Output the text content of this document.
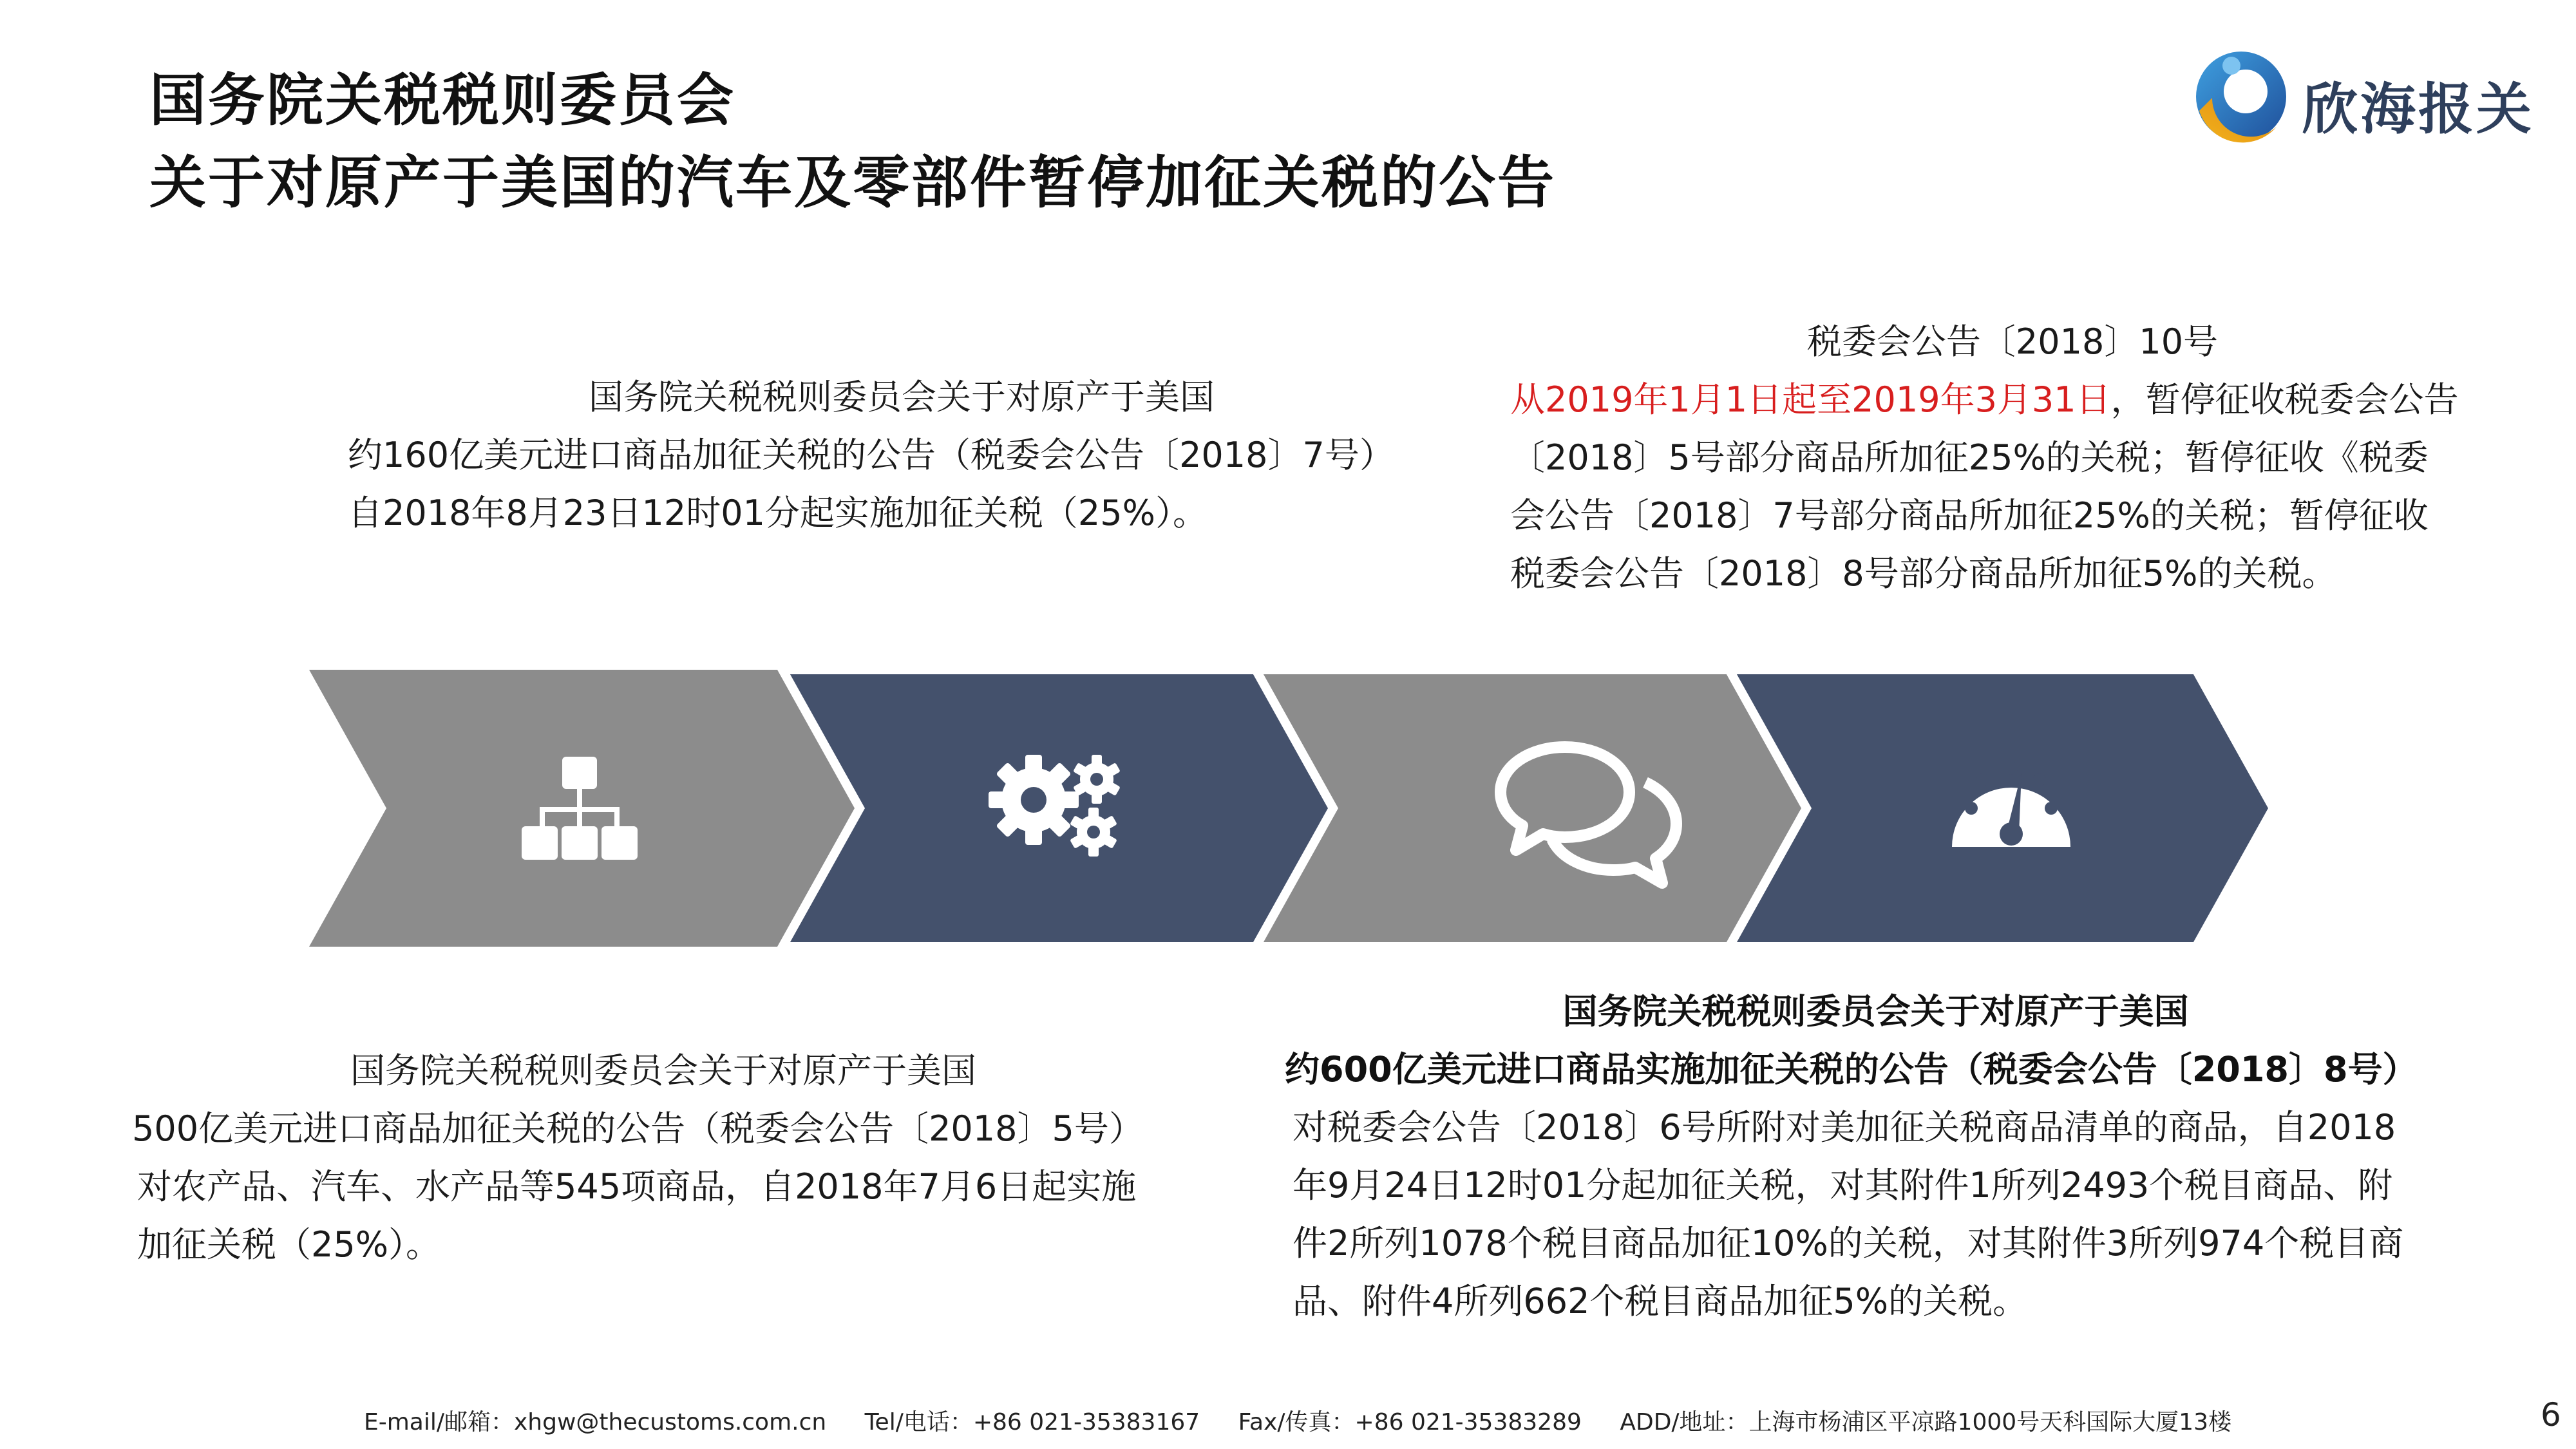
国务院关税税则委员会
关于对原产于美国的汽车及零部件暂停加征关税的公告
欣海报关
国务院关税税则委员会关于对原产于美国
约160亿美元进口商品加征关税的公告（税委会公告〔2018〕7号）
自2018年8月23日12时01分起实施加征关税（25%）。
税委会公告〔2018〕10号
从2019年1月1日起至2019年3月31日，暂停征收税委会公告
〔2018〕5号部分商品所加征25%的关税；暂停征收《税委
会公告〔2018〕7号部分商品所加征25%的关税；暂停征收
税委会公告〔2018〕8号部分商品所加征5%的关税。
国务院关税税则委员会关于对原产于美国
500亿美元进口商品加征关税的公告（税委会公告〔2018〕5号）
对农产品、汽车、水产品等545项商品，自2018年7月6日起实施
加征关税（25%）。
国务院关税税则委员会关于对原产于美国
约600亿美元进口商品实施加征关税的公告（税委会公告〔2018〕8号）
对税委会公告〔2018〕6号所附对美加征关税商品清单的商品，自2018
年9月24日12时01分起加征关税，对其附件1所列2493个税目商品、附
件2所列1078个税目商品加征10%的关税，对其附件3所列974个税目商
品、附件4所列662个税目商品加征5%的关税。
E-mail/邮箱：xhgw@thecustoms.com.cn Tel/电话：+86 021-35383167 Fax/传真：+86 021-35383289 ADD/地址：上海市杨浦区平凉路1000号天科国际大厦13楼	6
